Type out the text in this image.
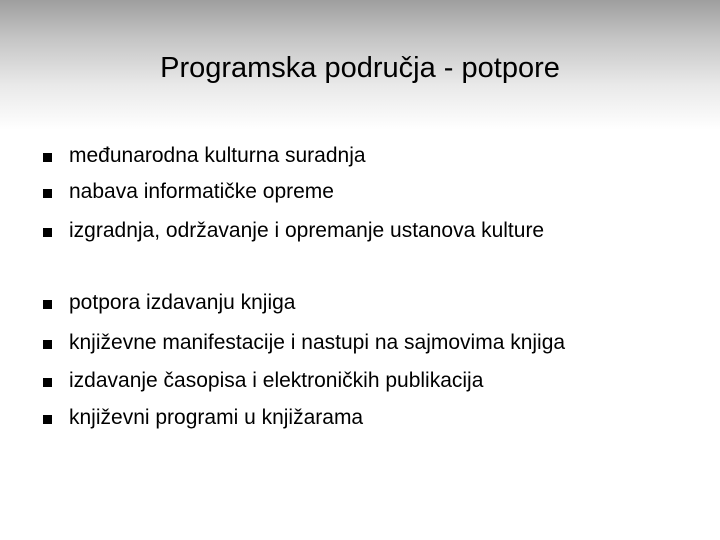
Programska područja - potpore
međunarodna kulturna suradnja
nabava informatičke opreme
izgradnja, održavanje i opremanje ustanova kulture
potpora izdavanju knjiga
književne manifestacije i nastupi na sajmovima knjiga
izdavanje časopisa i elektroničkih publikacija
književni programi u knjižarama
